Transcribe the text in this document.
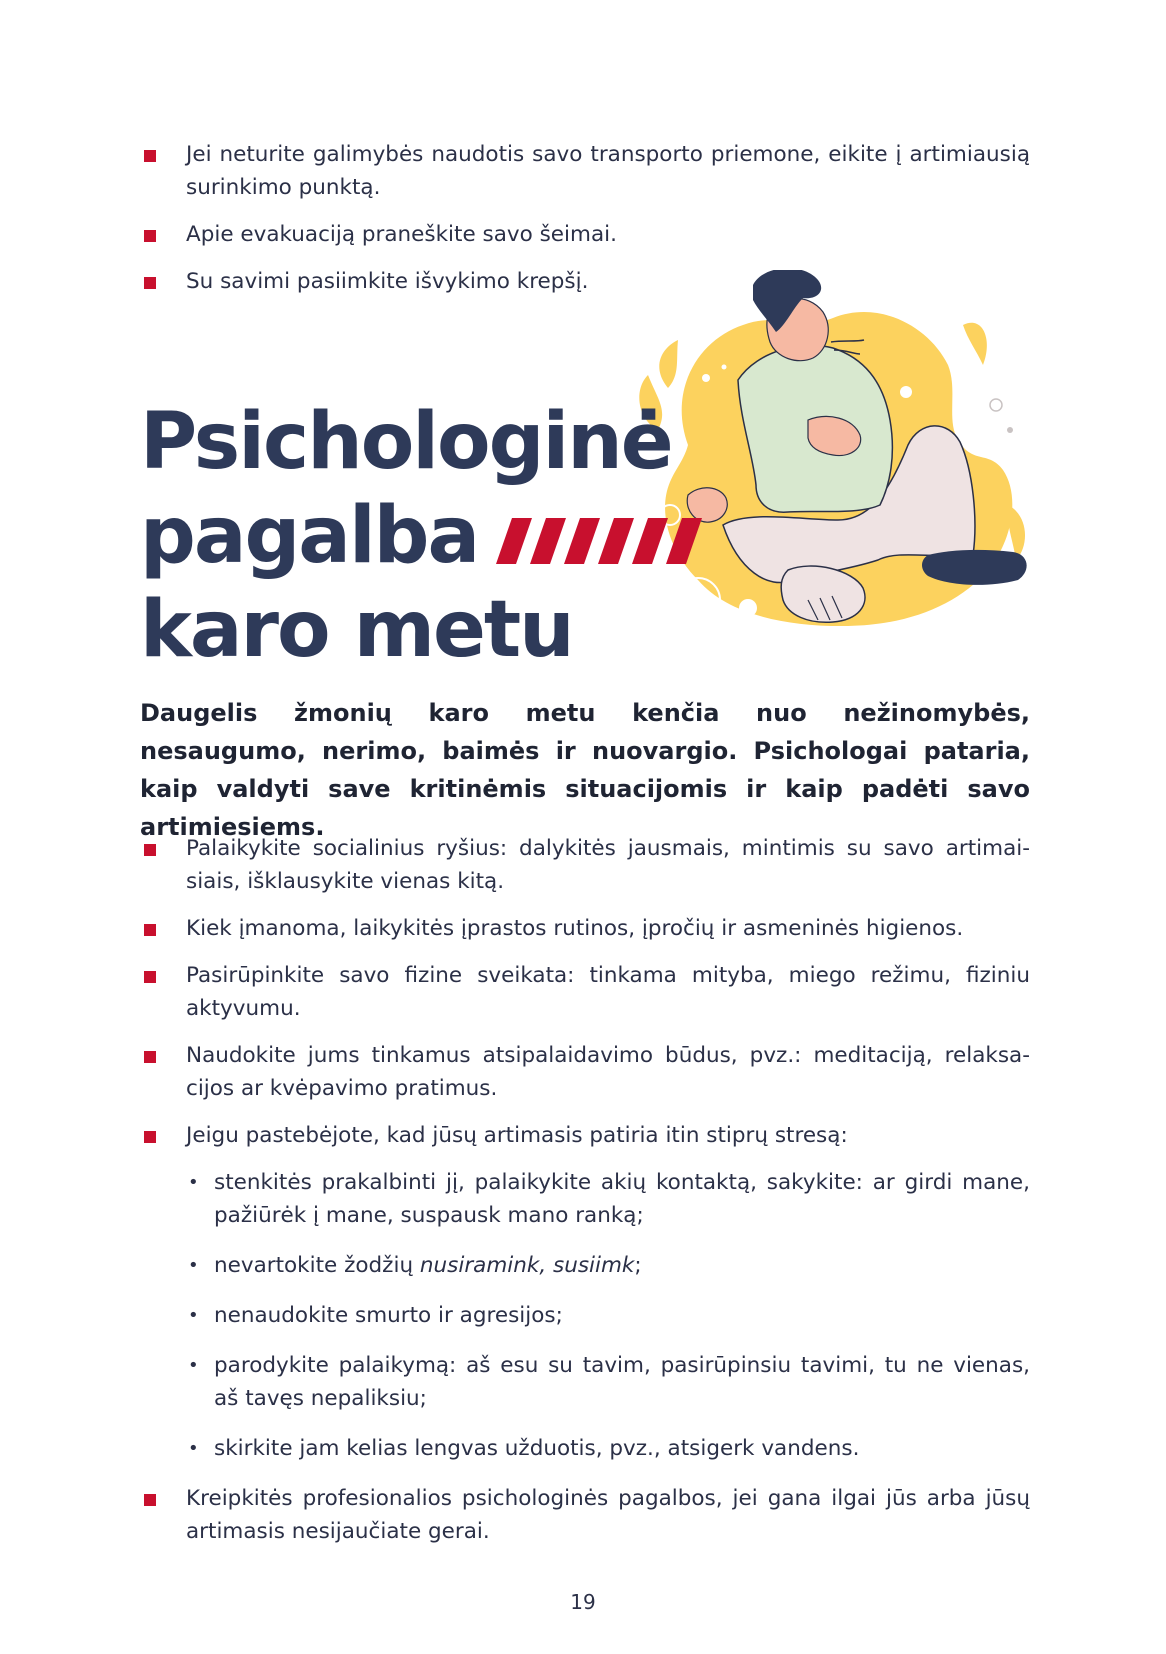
Jei neturite galimybės naudotis savo transporto priemone, eikite į artimiausią surinkimo punktą.
Apie evakuaciją praneškite savo šeimai.
Su savimi pasiimkite išvykimo krepšį.
Psichologinė
pagalba
karo metu

Daugelis žmonių karo metu kenčia nuo nežinomybės, nesaugumo, nerimo, baimės ir nuovargio. Psichologai pataria, kaip valdyti save kritinėmis situacijomis ir kaip padėti savo artimiesiems.

Palaikykite socialinius ryšius: dalykitės jausmais, mintimis su savo artimaisiais, išklausykite vienas kitą.
Kiek įmanoma, laikykitės įprastos rutinos, įpročių ir asmeninės higienos.
Pasirūpinkite savo fizine sveikata: tinkama mityba, miego režimu, fiziniu aktyvumu.
Naudokite jums tinkamus atsipalaidavimo būdus, pvz.: meditaciją, relaksacijos ar kvėpavimo pratimus.
Jeigu pastebėjote, kad jūsų artimasis patiria itin stiprų stresą:
• stenkitės prakalbinti jį, palaikykite akių kontaktą, sakykite: ar girdi mane, pažiūrėk į mane, suspausk mano ranką;
• nevartokite žodžių nusiramink, susiimk;
• nenaudokite smurto ir agresijos;
• parodykite palaikymą: aš esu su tavim, pasirūpinsiu tavimi, tu ne vienas, aš tavęs nepaliksiu;
• skirkite jam kelias lengvas užduotis, pvz., atsigerk vandens.
Kreipkitės profesionalios psichologinės pagalbos, jei gana ilgai jūs arba jūsų artimasis nesijaučiate gerai.
19
